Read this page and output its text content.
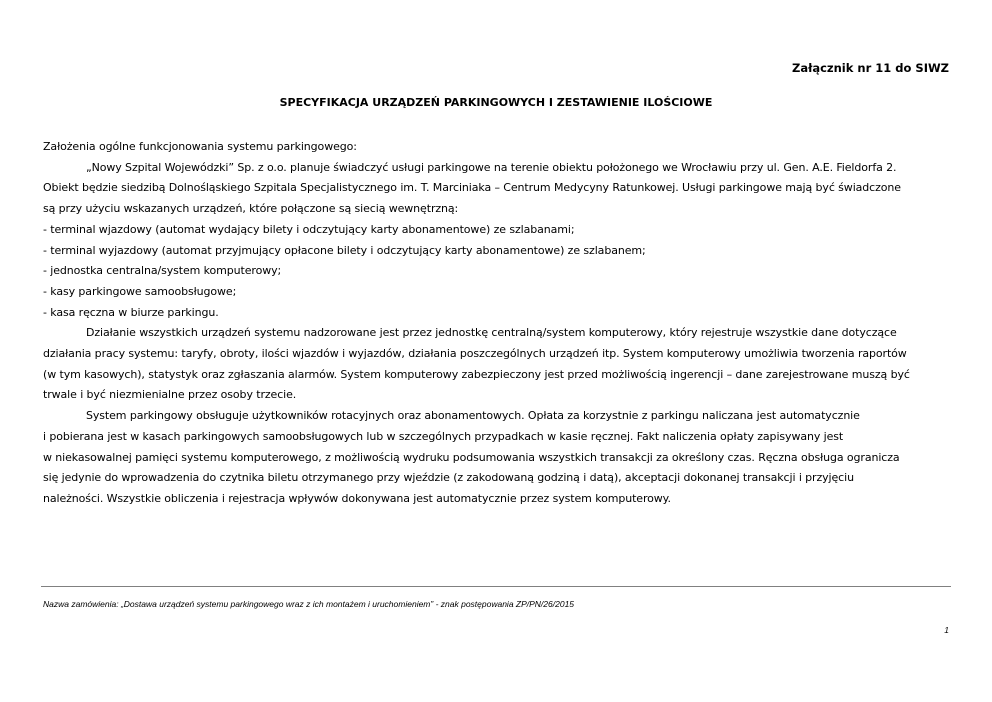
Załącznik nr 11 do SIWZ
SPECYFIKACJA URZĄDZEŃ PARKINGOWYCH I ZESTAWIENIE ILOŚCIOWE
Założenia ogólne funkcjonowania systemu parkingowego:
„Nowy Szpital Wojewódzki” Sp. z o.o. planuje świadczyć usługi parkingowe na terenie obiektu położonego we Wrocławiu przy ul. Gen. A.E. Fieldorfa 2.
Obiekt będzie siedzibą Dolnośląskiego Szpitala Specjalistycznego im. T. Marciniaka – Centrum Medycyny Ratunkowej. Usługi parkingowe mają być świadczone
są przy użyciu wskazanych urządzeń, które połączone są siecią wewnętrzną:
- terminal wjazdowy (automat wydający bilety i odczytujący karty abonamentowe) ze szlabanami;
- terminal wyjazdowy (automat przyjmujący opłacone bilety i odczytujący karty abonamentowe) ze szlabanem;
- jednostka centralna/system komputerowy;
- kasy parkingowe samoobsługowe;
- kasa ręczna w biurze parkingu.
Działanie wszystkich urządzeń systemu nadzorowane jest przez jednostkę centralną/system komputerowy, który rejestruje wszystkie dane dotyczące
działania pracy systemu: taryfy, obroty, ilości wjazdów i wyjazdów, działania poszczególnych urządzeń itp. System komputerowy umożliwia tworzenia raportów
(w tym kasowych), statystyk oraz zgłaszania alarmów. System komputerowy zabezpieczony jest przed możliwością ingerencji – dane zarejestrowane muszą być
trwale i być niezmienialne przez osoby trzecie.
System parkingowy obsługuje użytkowników rotacyjnych oraz abonamentowych. Opłata za korzystnie z parkingu naliczana jest automatycznie
i pobierana jest w kasach parkingowych samoobsługowych lub w szczególnych przypadkach w kasie ręcznej. Fakt naliczenia opłaty zapisywany jest
w niekasowalnej pamięci systemu komputerowego, z możliwością wydruku podsumowania wszystkich transakcji za określony czas. Ręczna obsługa ogranicza
się jedynie do wprowadzenia do czytnika biletu otrzymanego przy wjeździe (z zakodowaną godziną i datą), akceptacji dokonanej transakcji i przyjęciu
należności. Wszystkie obliczenia i rejestracja wpływów dokonywana jest automatycznie przez system komputerowy.
Nazwa zamówienia: „Dostawa urządzeń systemu parkingowego wraz z ich montażem i uruchomieniem” - znak postępowania ZP/PN/26/2015
1
